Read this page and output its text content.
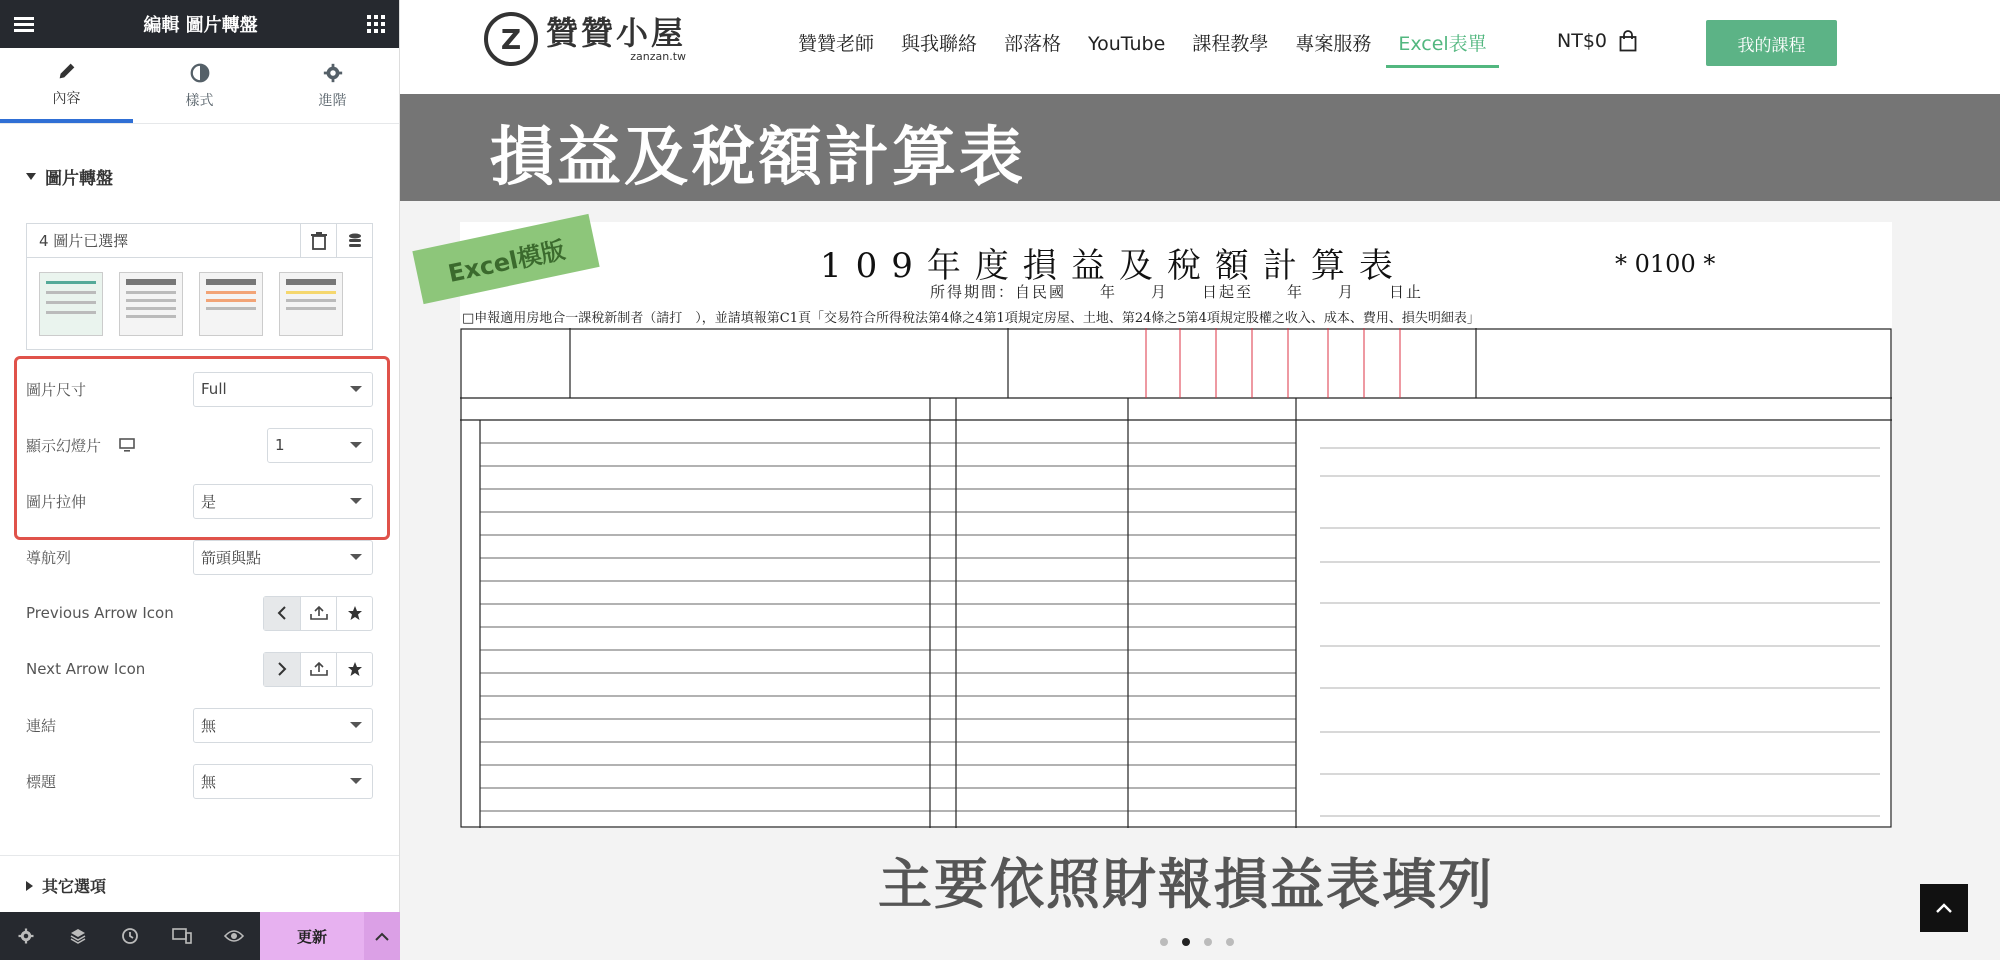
編輯 圖片轉盤
內容	樣式	進階
圖片轉盤
4 圖片已選擇
圖片尺寸	Full
顯示幻燈片	1
圖片拉伸	是
導航列	箭頭與點
Previous Arrow Icon
Next Arrow Icon
連結	無
標題	無
其它選項
更新
Z 贊贊小屋
zanzan.tw
贊贊老師 與我聯絡 部落格 YouTube 課程教學 專案服務	Excel表單	NT$0	我的課程
損益及稅額計算表
Excel模版	109年度損益及稅額計算表	* 0100 *
所得期間：自民國　　年　　月　　日起至　　年　　月　　日止
□申報適用房地合一課稅新制者（請打　），並請填報第C1頁「交易符合所得稅法第4條之4第1項規定房屋、土地、第24條之5第4項規定股權之收入、成本、費用、損失明細表」
主要依照財報損益表填列
